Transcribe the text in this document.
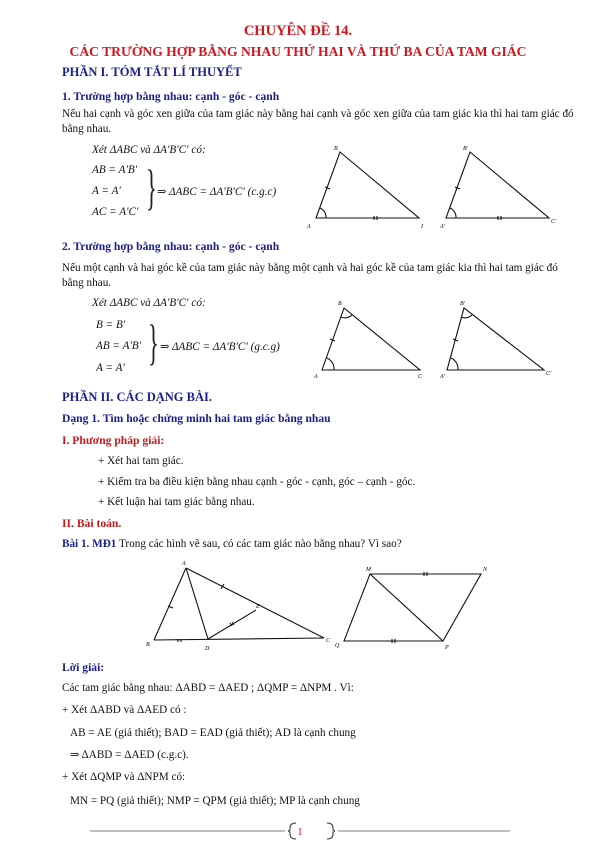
CHUYÊN ĐỀ 14.
CÁC TRƯỜNG HỢP BẰNG NHAU THỨ HAI VÀ THỨ BA CỦA TAM GIÁC
PHẦN I. TÓM TẮT LÍ THUYẾT
1. Trường hợp bằng nhau: cạnh - góc - cạnh
Nếu hai cạnh và góc xen giữa của tam giác này bằng hai cạnh và góc xen giữa của tam giác kia thì hai tam giác đó bằng nhau.
Xét ΔABC và ΔA′B′C′ có:
AB = A′B′
A = A′
AC = A′C′ } ⇒ ΔABC = ΔA′B′C′ (c.g.c)
B
A	I
B′
A′
C′
2. Trường hợp bằng nhau: cạnh - góc - cạnh
Nếu một cạnh và hai góc kề của tam giác này bằng một cạnh và hai góc kề của tam giác kia thì hai tam giác đó bằng nhau.
Xét ΔABC và ΔA′B′C′ có:
B = B′
AB = A′B′
A = A′ } ⇒ ΔABC = ΔA′B′C′ (g.c.g)
B
A	C
B′
A′	C′
PHẦN II. CÁC DẠNG BÀI.
Dạng 1. Tìm hoặc chứng minh hai tam giác bằng nhau
I. Phương pháp giải:
+ Xét hai tam giác.
+ Kiểm tra ba điều kiện bằng nhau cạnh - góc - cạnh, góc – cạnh - góc.
+ Kết luận hai tam giác bằng nhau.
II. Bài toán.
Bài 1. MĐ1 Trong các hình vẽ sau, có các tam giác nào bằng nhau? Vì sao?
A
B
D
C
E
M	N
Q	P
Lời giải:
Các tam giác bằng nhau: ΔABD = ΔAED ; ΔQMP = ΔNPM . Vì:
+ Xét ΔABD và ΔAED có :
AB = AE (giả thiết); BAD = EAD (giả thiết); AD là cạnh chung
⇒ ΔABD = ΔAED (c.g.c).
+ Xét ΔQMP và ΔNPM có:
MN = PQ (giả thiết); NMP = QPM (giả thiết); MP là cạnh chung
1
